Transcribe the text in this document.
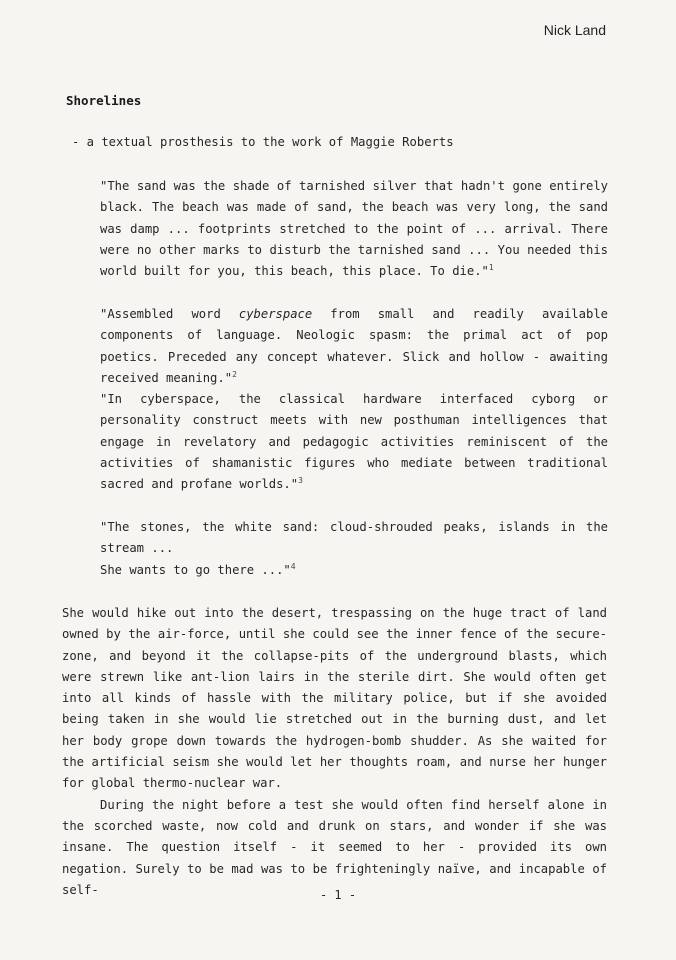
Nick Land
Shorelines
- a textual prosthesis to the work of Maggie Roberts

"The sand was the shade of tarnished silver that hadn't gone entirely black. The beach was made of sand, the beach was very long, the sand was damp ... footprints stretched to the point of ... arrival. There were no other marks to disturb the tarnished sand ... You needed this world built for you, this beach, this place. To die."$^1$

"Assembled word cyberspace from small and readily available components of language. Neologic spasm: the primal act of pop poetics. Preceded any concept whatever. Slick and hollow - awaiting received meaning."$^2$

"In cyberspace, the classical hardware interfaced cyborg or personality construct meets with new posthuman intelligences that engage in revelatory and pedagogic activities reminiscent of the activities of shamanistic figures who mediate between traditional sacred and profane worlds."$^3$

"The stones, the white sand: cloud-shrouded peaks, islands in the stream ...

She wants to go there ..."$^4$

She would hike out into the desert, trespassing on the huge tract of land owned by the air-force, until she could see the inner fence of the secure-zone, and beyond it the collapse-pits of the underground blasts, which were strewn like ant-lion lairs in the sterile dirt. She would often get into all kinds of hassle with the military police, but if she avoided being taken in she would lie stretched out in the burning dust, and let her body grope down towards the hydrogen-bomb shudder. As she waited for the artificial seism she would let her thoughts roam, and nurse her hunger for global thermo-nuclear war.

During the night before a test she would often find herself alone in the scorched waste, now cold and drunk on stars, and wonder if she was insane. The question itself - it seemed to her - provided its own negation. Surely to be mad was to be frighteningly naïve, and incapable of self-	- 1 -
